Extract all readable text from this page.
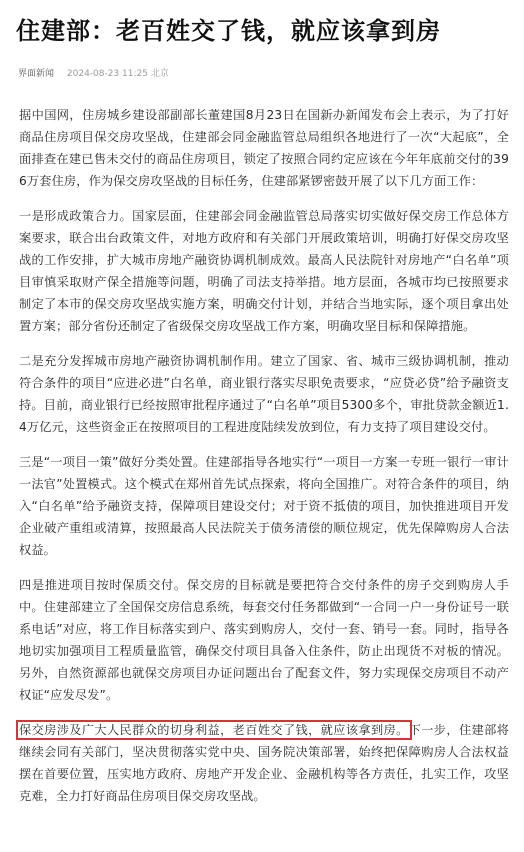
住建部：老百姓交了钱，就应该拿到房
界面新闻 2024-08-23 11:25 北京

据中国网，住房城乡建设部副部长董建国8月23日在国新办新闻发布会上表示，为了打好商品住房项目保交房攻坚战，住建部会同金融监管总局组织各地进行了一次“大起底”，全面排查在建已售未交付的商品住房项目，锁定了按照合同约定应该在今年年底前交付的396万套住房，作为保交房攻坚战的目标任务，住建部紧锣密鼓开展了以下几方面工作：

一是形成政策合力。国家层面，住建部会同金融监管总局落实切实做好保交房工作总体方案要求，联合出台政策文件，对地方政府和有关部门开展政策培训，明确打好保交房攻坚战的工作安排，扩大城市房地产融资协调机制成效。最高人民法院针对房地产“白名单”项目审慎采取财产保全措施等问题，明确了司法支持举措。地方层面，各城市均已按照要求制定了本市的保交房攻坚战实施方案，明确交付计划，并结合当地实际，逐个项目拿出处置方案；部分省份还制定了省级保交房攻坚战工作方案，明确攻坚目标和保障措施。

二是充分发挥城市房地产融资协调机制作用。建立了国家、省、城市三级协调机制，推动符合条件的项目“应进必进”白名单，商业银行落实尽职免责要求，“应贷必贷”给予融资支持。目前，商业银行已经按照审批程序通过了“白名单”项目5300多个，审批贷款金额近1.4万亿元，这些资金正在按照项目的工程进度陆续发放到位，有力支持了项目建设交付。

三是“一项目一策”做好分类处置。住建部指导各地实行“一项目一方案一专班一银行一审计一法官”处置模式。这个模式在郑州首先试点探索，将向全国推广。对符合条件的项目，纳入“白名单”给予融资支持，保障项目建设交付；对于资不抵债的项目，加快推进项目开发企业破产重组或清算，按照最高人民法院关于债务清偿的顺位规定，优先保障购房人合法权益。

四是推进项目按时保质交付。保交房的目标就是要把符合交付条件的房子交到购房人手中。住建部建立了全国保交房信息系统，每套交付任务都做到“一合同一户一身份证号一联系电话”对应，将工作目标落实到户、落实到购房人，交付一套、销号一套。同时，指导各地切实加强项目工程质量监管，确保交付项目具备入住条件，防止出现货不对板的情况。另外，自然资源部也就保交房项目办证问题出台了配套文件，努力实现保交房项目不动产权证“应发尽发”。

保交房涉及广大人民群众的切身利益，老百姓交了钱，就应该拿到房。下一步，住建部将继续会同有关部门，坚决贯彻落实党中央、国务院决策部署，始终把保障购房人合法权益摆在首要位置，压实地方政府、房地产开发企业、金融机构等各方责任，扎实工作，攻坚克难，全力打好商品住房项目保交房攻坚战。
